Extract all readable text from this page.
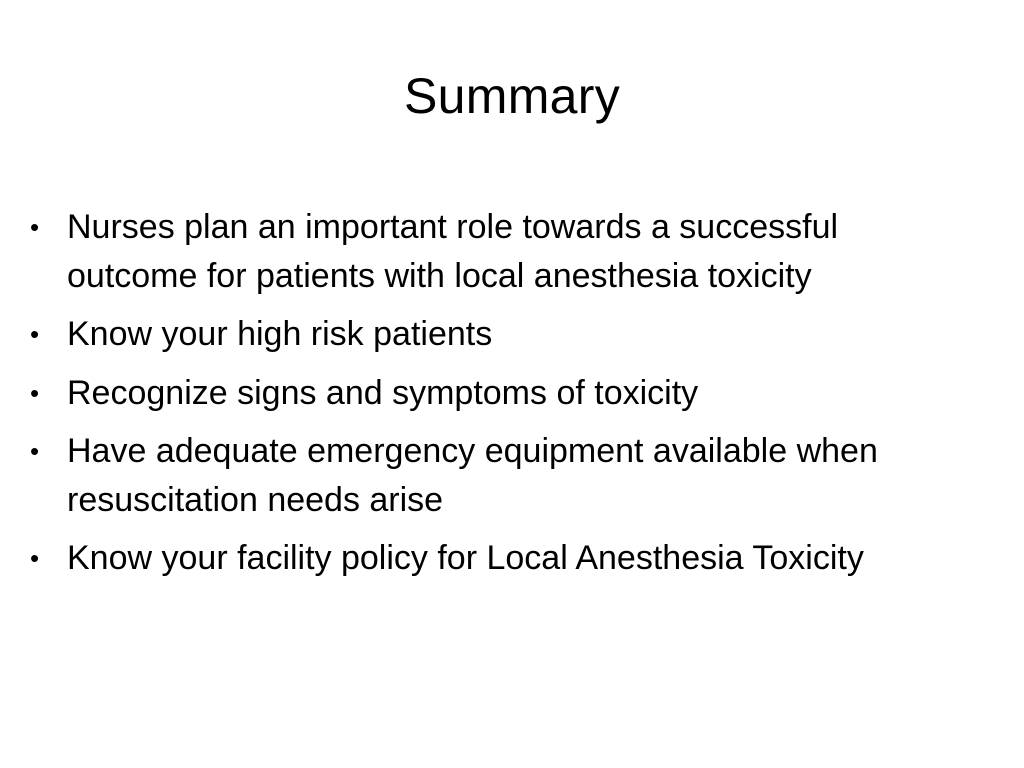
Summary
• Nurses plan an important role towards a successful outcome for patients with local anesthesia toxicity
• Know your high risk patients
• Recognize signs and symptoms of toxicity
• Have adequate emergency equipment available when resuscitation needs arise
• Know your facility policy for Local Anesthesia Toxicity
